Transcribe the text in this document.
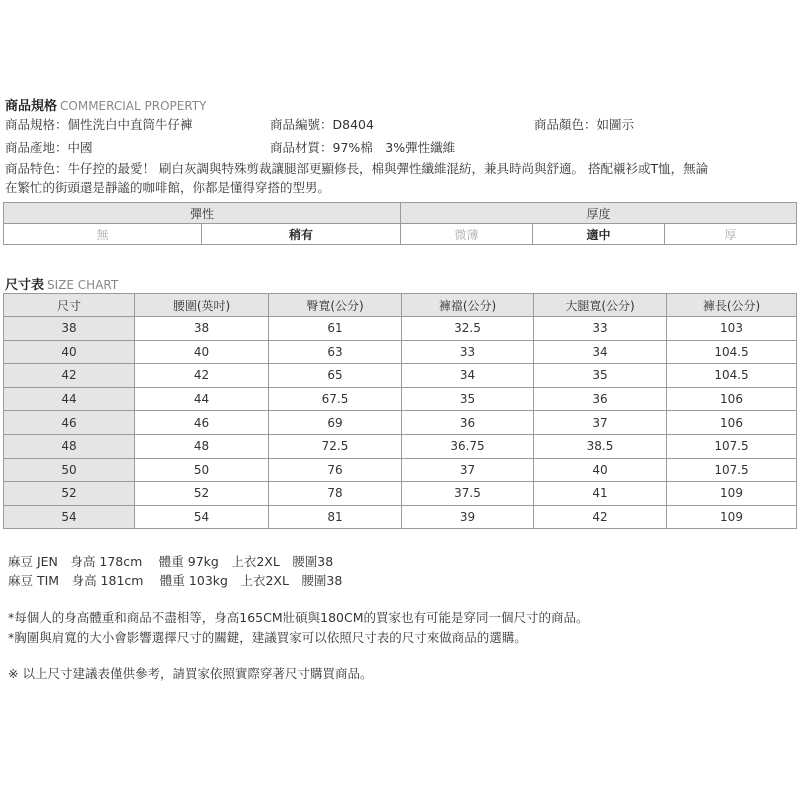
商品規格 COMMERCIAL PROPERTY
商品規格：個性洗白中直筒牛仔褲	商品編號：D8404	商品顏色：如圖示
商品產地：中國	商品材質：97%棉　3%彈性纖維
商品特色：牛仔控的最愛！ 刷白灰調與特殊剪裁讓腿部更顯修長，棉與彈性纖維混紡，兼具時尚與舒適。 搭配襯衫或T恤，無論
在繁忙的街頭還是靜謐的咖啡館，你都是懂得穿搭的型男。
彈性		厚度		
無	稍有	微薄	適中	厚
尺寸表 SIZE CHART
尺寸	腰圍(英吋)	臀寬(公分)	褲襠(公分)	大腿寬(公分)	褲長(公分)
38	38	61	32.5	33	103
40	40	63	33	34	104.5
42	42	65	34	35	104.5
44	44	67.5	35	36	106
46	46	69	36	37	106
48	48	72.5	36.75	38.5	107.5
50	50	76	37	40	107.5
52	52	78	37.5	41	109
54	54	81	39	42	109
麻豆 JEN　身高 178cm　 體重 97kg　上衣2XL　腰圍38
麻豆 TIM　身高 181cm　 體重 103kg　上衣2XL　腰圍38
*每個人的身高體重和商品不盡相等，身高165CM壯碩與180CM的買家也有可能是穿同一個尺寸的商品。
*胸圍與肩寬的大小會影響選擇尺寸的關鍵，建議買家可以依照尺寸表的尺寸來做商品的選購。
※ 以上尺寸建議表僅供參考，請買家依照實際穿著尺寸購買商品。
